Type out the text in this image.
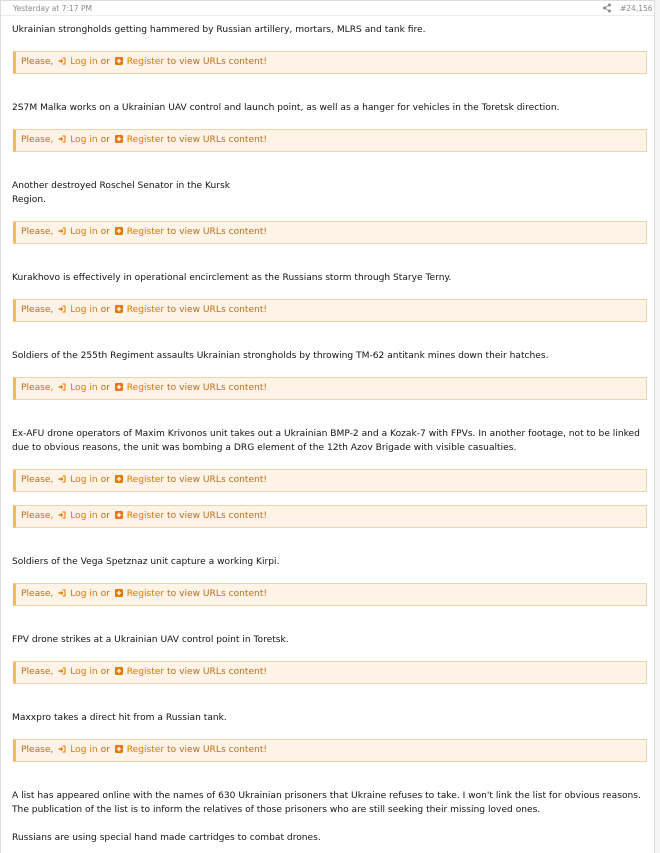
Yesterday at 7:17 PM	#24,156
Ukrainian strongholds getting hammered by Russian artillery, mortars, MLRS and tank fire.
Please, Log in or Register to view URLs content!
2S7M Malka works on a Ukrainian UAV control and launch point, as well as a hanger for vehicles in the Toretsk direction.
Please, Log in or Register to view URLs content!
Another destroyed Roschel Senator in the Kursk
Region.
Please, Log in or Register to view URLs content!
Kurakhovo is effectively in operational encirclement as the Russians storm through Starye Terny.
Please, Log in or Register to view URLs content!
Soldiers of the 255th Regiment assaults Ukrainian strongholds by throwing TM-62 antitank mines down their hatches.
Please, Log in or Register to view URLs content!
Ex-AFU drone operators of Maxim Krivonos unit takes out a Ukrainian BMP-2 and a Kozak-7 with FPVs. In another footage, not to be linked due to obvious reasons, the unit was bombing a DRG element of the 12th Azov Brigade with visible casualties.
Please, Log in or Register to view URLs content!
Please, Log in or Register to view URLs content!
Soldiers of the Vega Spetznaz unit capture a working Kirpi.
Please, Log in or Register to view URLs content!
FPV drone strikes at a Ukrainian UAV control point in Toretsk.
Please, Log in or Register to view URLs content!
Maxxpro takes a direct hit from a Russian tank.
Please, Log in or Register to view URLs content!
A list has appeared online with the names of 630 Ukrainian prisoners that Ukraine refuses to take. I won't link the list for obvious reasons. The publication of the list is to inform the relatives of those prisoners who are still seeking their missing loved ones.
Russians are using special hand made cartridges to combat drones.
